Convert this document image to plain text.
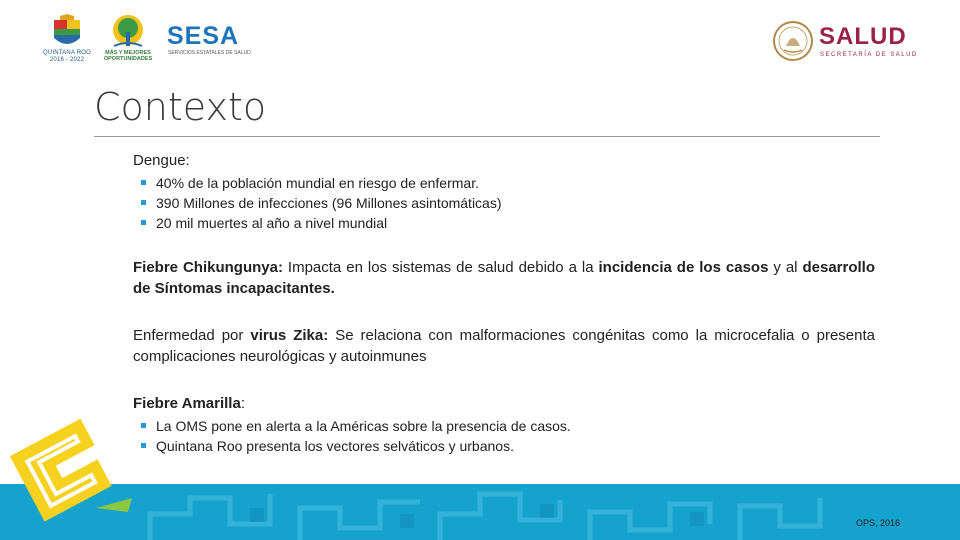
QUINTANA ROO
2016 - 2022
MÁS Y MEJORES
OPORTUNIDADES
SESA
SERVICIOS ESTATALES DE SALUD
SALUD
SECRETARÍA DE SALUD
Contexto
Dengue:
40% de la población mundial en riesgo de enfermar.
390 Millones de infecciones (96 Millones asintomáticas)
20 mil muertes al año a nivel mundial
Fiebre Chikungunya: Impacta en los sistemas de salud debido a la incidencia de los casos y al desarrollo de Síntomas incapacitantes.
Enfermedad por virus Zika: Se relaciona con malformaciones congénitas como la microcefalia o presenta complicaciones neurológicas y autoinmunes
Fiebre Amarilla:
La OMS pone en alerta a la Américas sobre la presencia de casos.
Quintana Roo presenta los vectores selváticos y urbanos.
OPS, 2016
